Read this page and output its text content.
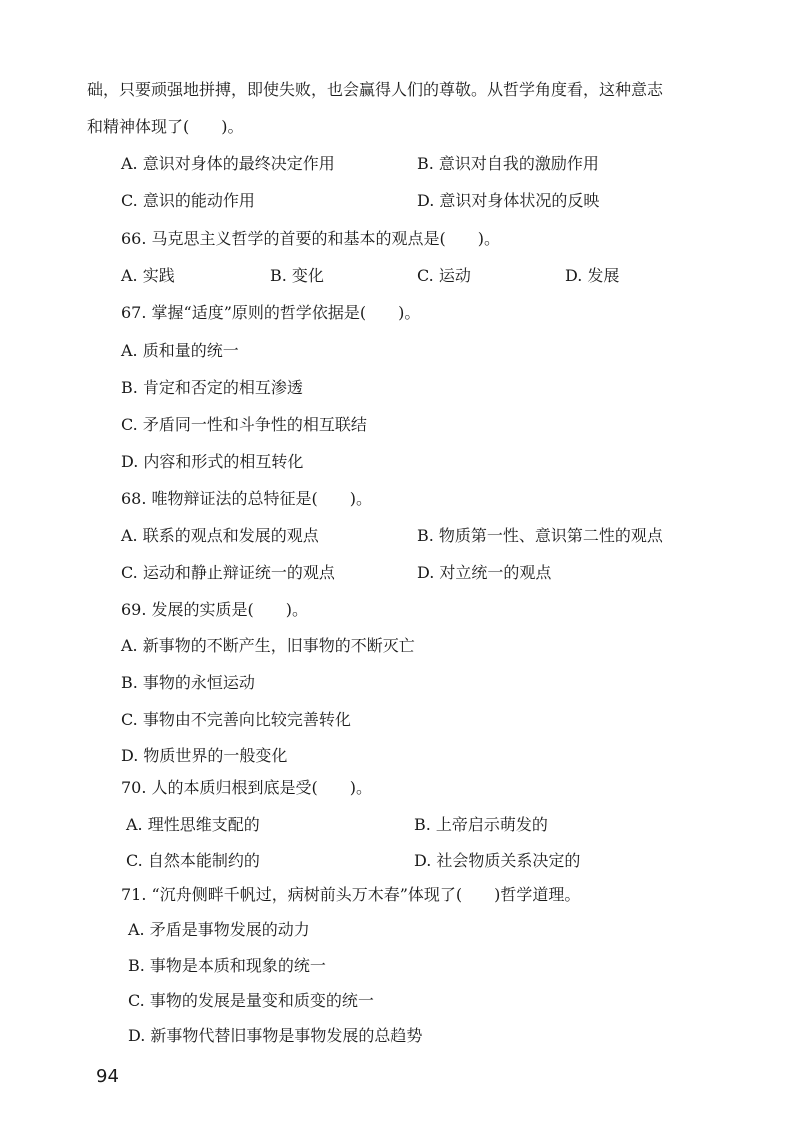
础，只要顽强地拼搏，即使失败，也会赢得人们的尊敬。从哲学角度看，这种意志
和精神体现了(　　)。
A. 意识对身体的最终决定作用	B. 意识对自我的激励作用
C. 意识的能动作用	D. 意识对身体状况的反映
66. 马克思主义哲学的首要的和基本的观点是(　　)。
A. 实践	B. 变化	C. 运动	D. 发展
67. 掌握“适度”原则的哲学依据是(　　)。
A. 质和量的统一
B. 肯定和否定的相互渗透
C. 矛盾同一性和斗争性的相互联结
D. 内容和形式的相互转化
68. 唯物辩证法的总特征是(　　)。
A. 联系的观点和发展的观点	B. 物质第一性、意识第二性的观点
C. 运动和静止辩证统一的观点	D. 对立统一的观点
69. 发展的实质是(　　)。
A. 新事物的不断产生，旧事物的不断灭亡
B. 事物的永恒运动
C. 事物由不完善向比较完善转化
D. 物质世界的一般变化
70. 人的本质归根到底是受(　　)。
A. 理性思维支配的	B. 上帝启示萌发的
C. 自然本能制约的	D. 社会物质关系决定的
71. “沉舟侧畔千帆过，病树前头万木春”体现了(　　)哲学道理。
A. 矛盾是事物发展的动力
B. 事物是本质和现象的统一
C. 事物的发展是量变和质变的统一
D. 新事物代替旧事物是事物发展的总趋势
94
